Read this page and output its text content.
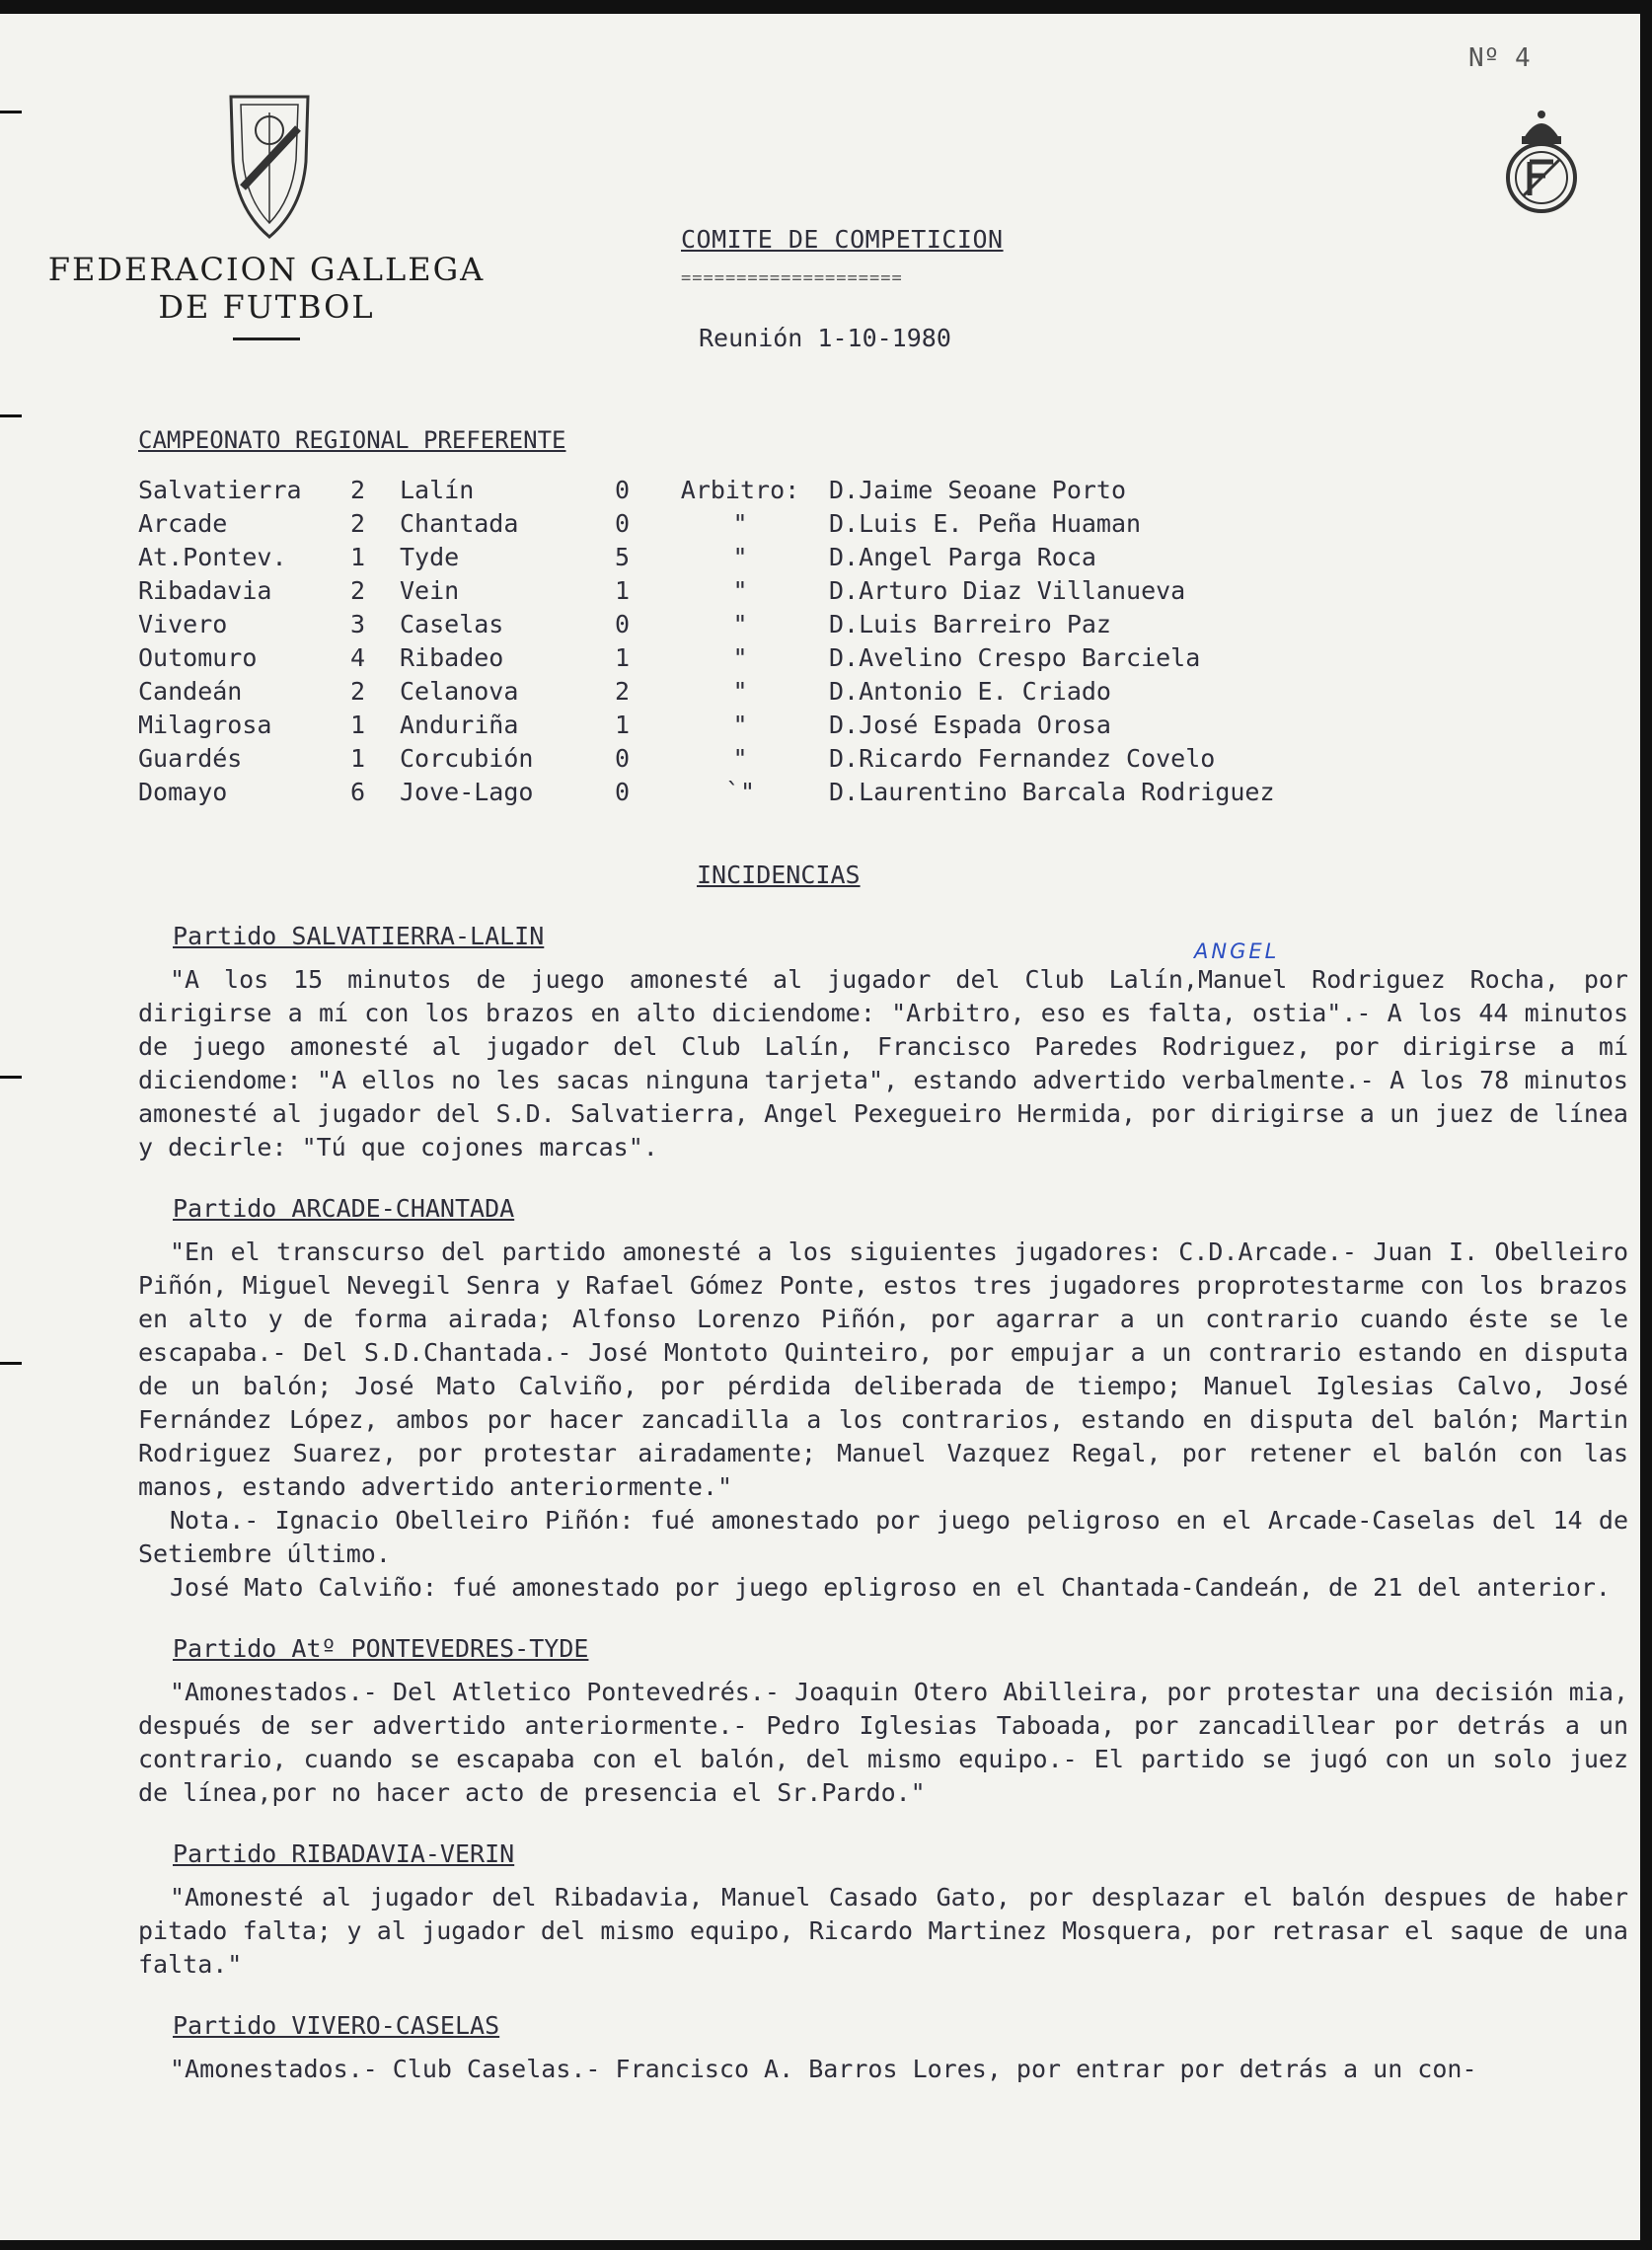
Nº 4
FEDERACION GALLEGA
DE FUTBOL
COMITE DE COMPETICION
====================
Reunión 1-10-1980
CAMPEONATO REGIONAL PREFERENTE
Salvatierra 2 Lalín	0 Arbitro: D.Jaime Seoane Porto
Arcade	2 Chantada	0	"	D.Luis E. Peña Huaman
At.Pontev.	1 Tyde	5	"	D.Angel Parga Roca
Ribadavia	2 Vein	1	"	D.Arturo Diaz Villanueva
Vivero	3 Caselas	0	"	D.Luis Barreiro Paz
Outomuro	4 Ribadeo	1	"	D.Avelino Crespo Barciela
Candeán	2 Celanova	2	"	D.Antonio E. Criado
Milagrosa	1 Anduriña	1	"	D.José Espada Orosa
Guardés	1 Corcubión	0	"	D.Ricardo Fernandez Covelo
Domayo	6 Jove-Lago	0	`"	D.Laurentino Barcala Rodriguez
INCIDENCIAS
ANGEL
Partido SALVATIERRA-LALIN
"A los 15 minutos de juego amonesté al jugador del Club Lalín,Manuel Rodriguez Rocha, por dirigirse a mí con los brazos en alto diciendome: "Arbitro, eso es falta, ostia".- A los 44 minutos de juego amonesté al jugador del Club Lalín, Francisco Paredes Rodriguez, por dirigirse a mí diciendome: "A ellos no les sacas ninguna tarjeta", estando advertido verbalmente.- A los 78 minutos amonesté al jugador del S.D. Salvatierra, Angel Pexegueiro Hermida, por dirigirse a un juez de línea y decirle: "Tú que cojones marcas".
Partido ARCADE-CHANTADA
"En el transcurso del partido amonesté a los siguientes jugadores: C.D.Arcade.- Juan I. Obelleiro Piñón, Miguel Nevegil Senra y Rafael Gómez Ponte, estos tres jugadores proprotestarme con los brazos en alto y de forma airada; Alfonso Lorenzo Piñón, por agarrar a un contrario cuando éste se le escapaba.- Del S.D.Chantada.- José Montoto Quinteiro, por empujar a un contrario estando en disputa de un balón; José Mato Calviño, por pérdida deliberada de tiempo; Manuel Iglesias Calvo, José Fernández López, ambos por hacer zancadilla a los contrarios, estando en disputa del balón; Martin Rodriguez Suarez, por protestar airadamente; Manuel Vazquez Regal, por retener el balón con las manos, estando advertido anteriormente."
Nota.- Ignacio Obelleiro Piñón: fué amonestado por juego peligroso en el Arcade-Caselas del 14 de Setiembre último.
José Mato Calviño: fué amonestado por juego epligroso en el Chantada-Candeán, de 21 del anterior.
Partido Atº PONTEVEDRES-TYDE
"Amonestados.- Del Atletico Pontevedrés.- Joaquin Otero Abilleira, por protestar una decisión mia, después de ser advertido anteriormente.- Pedro Iglesias Taboada, por zancadillear por detrás a un contrario, cuando se escapaba con el balón, del mismo equipo.- El partido se jugó con un solo juez de línea,por no hacer acto de presencia el Sr.Pardo."
Partido RIBADAVIA-VERIN
"Amonesté al jugador del Ribadavia, Manuel Casado Gato, por desplazar el balón despues de haber pitado falta; y al jugador del mismo equipo, Ricardo Martinez Mosquera, por retrasar el saque de una falta."
Partido VIVERO-CASELAS
"Amonestados.- Club Caselas.- Francisco A. Barros Lores, por entrar por detrás a un con-
